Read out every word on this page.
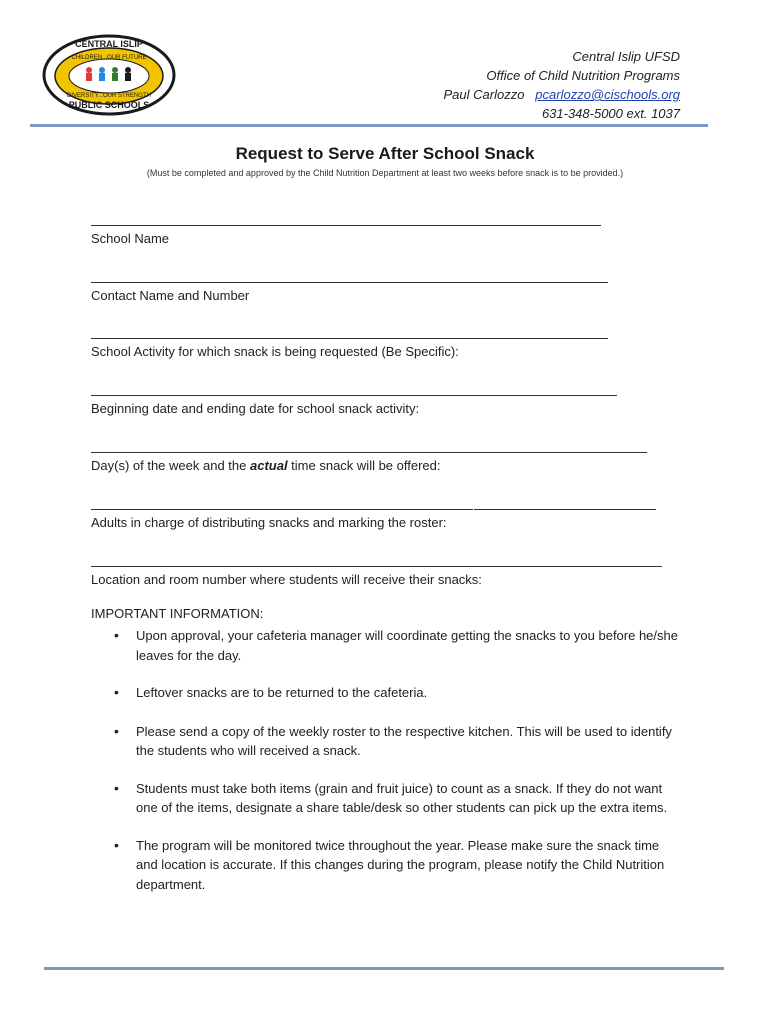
CENTRAL ISLIP
CHILDREN...OUR FUTURE
DIVERSITY...OUR STRENGTH
PUBLIC SCHOOLS
Central Islip UFSD
Office of Child Nutrition Programs
Paul Carlozzo pcarlozzo@cischools.org
631-348-5000 ext. 1037
Request to Serve After School Snack
(Must be completed and approved by the Child Nutrition Department at least two weeks before snack is to be provided.)
School Name
Contact Name and Number
School Activity for which snack is being requested (Be Specific):
Beginning date and ending date for school snack activity:
Day(s) of the week and the actual time snack will be offered:
Adults in charge of distributing snacks and marking the roster:
Location and room number where students will receive their snacks:
IMPORTANT INFORMATION:
• Upon approval, your cafeteria manager will coordinate getting the snacks to you before he/she leaves for the day.
• Leftover snacks are to be returned to the cafeteria.
• Please send a copy of the weekly roster to the respective kitchen. This will be used to identify the students who will received a snack.
• Students must take both items (grain and fruit juice) to count as a snack. If they do not want one of the items, designate a share table/desk so other students can pick up the extra items.
• The program will be monitored twice throughout the year. Please make sure the snack time and location is accurate. If this changes during the program, please notify the Child Nutrition department.
